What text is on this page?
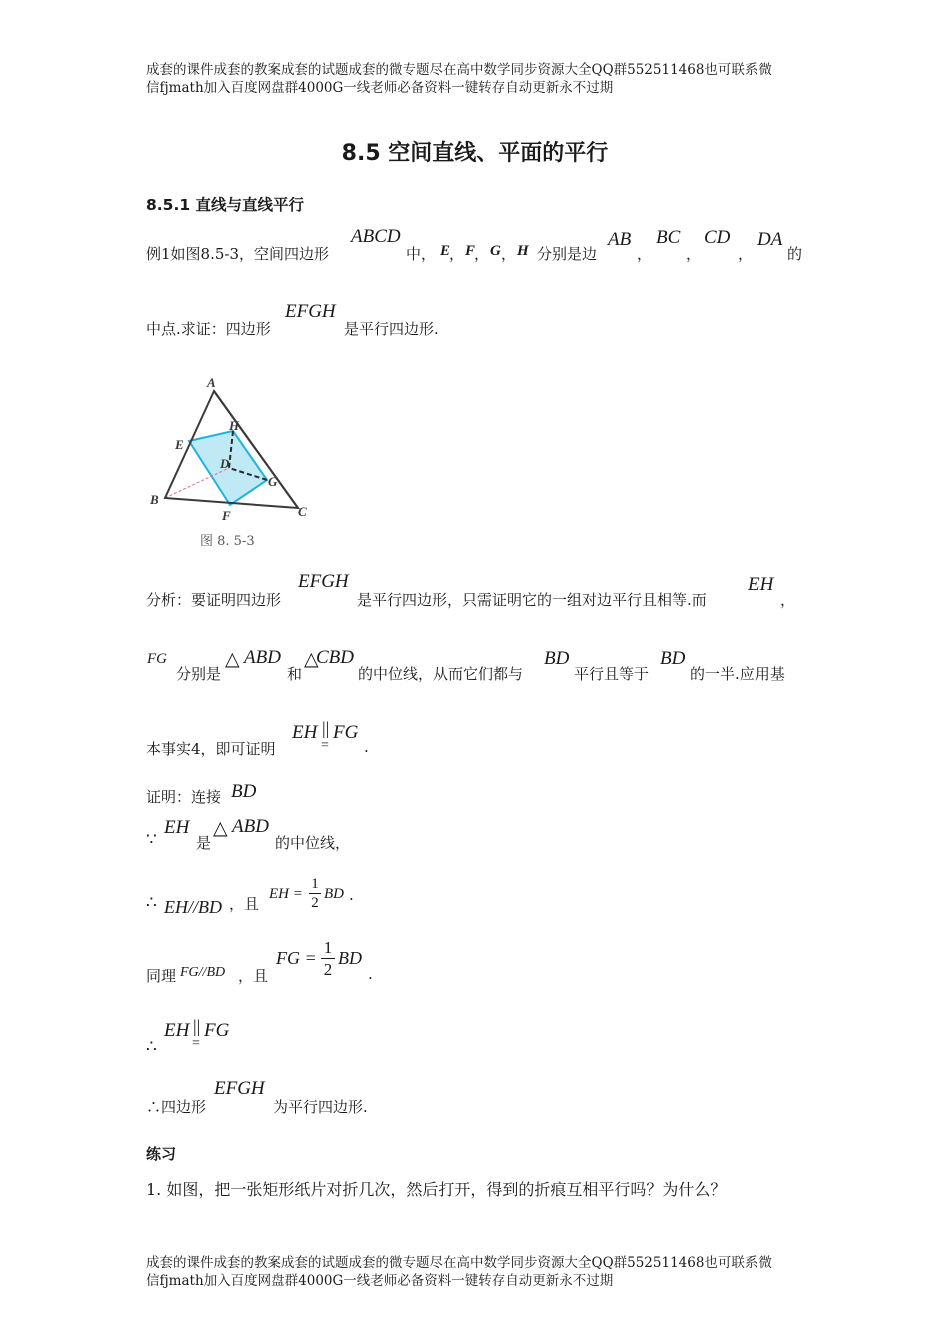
成套的课件成套的教案成套的试题成套的微专题尽在高中数学同步资源大全QQ群552511468也可联系微
信fjmath加入百度网盘群4000G一线老师必备资料一键转存自动更新永不过期
8.5 空间直线、平面的平行
8.5.1 直线与直线平行
例1如图8.5-3，空间四边形
ABCD
中， E
， F
， G ， H 分别是边
AB
，
BC
，
CD
，
DA
的
中点.求证：四边形
EFGH
是平行四边形.
A
B
C
D
E
F
G
H
图 8. 5-3
分析：要证明四边形
EFGH
是平行四边形，只需证明它的一组对边平行且相等.而
EH
，
FG
分别是
△ ABD
和
△
CBD
的中位线，从而它们都与
BD
平行且等于
BD
的一半.应用基
本事实4，即可证明
EH ||
=
FG
.
证明：连接 BD
∵
EH
是
△ ABD
的中位线，
∴ EH//BD ，且
EH =
1
2
BD .
同理 FG//BD ，且
FG =
1
2
BD
.
∴
EH ||
=
FG
∴四边形
EFGH
为平行四边形.
练习
1. 如图，把一张矩形纸片对折几次，然后打开，得到的折痕互相平行吗？为什么？
成套的课件成套的教案成套的试题成套的微专题尽在高中数学同步资源大全QQ群552511468也可联系微
信fjmath加入百度网盘群4000G一线老师必备资料一键转存自动更新永不过期
